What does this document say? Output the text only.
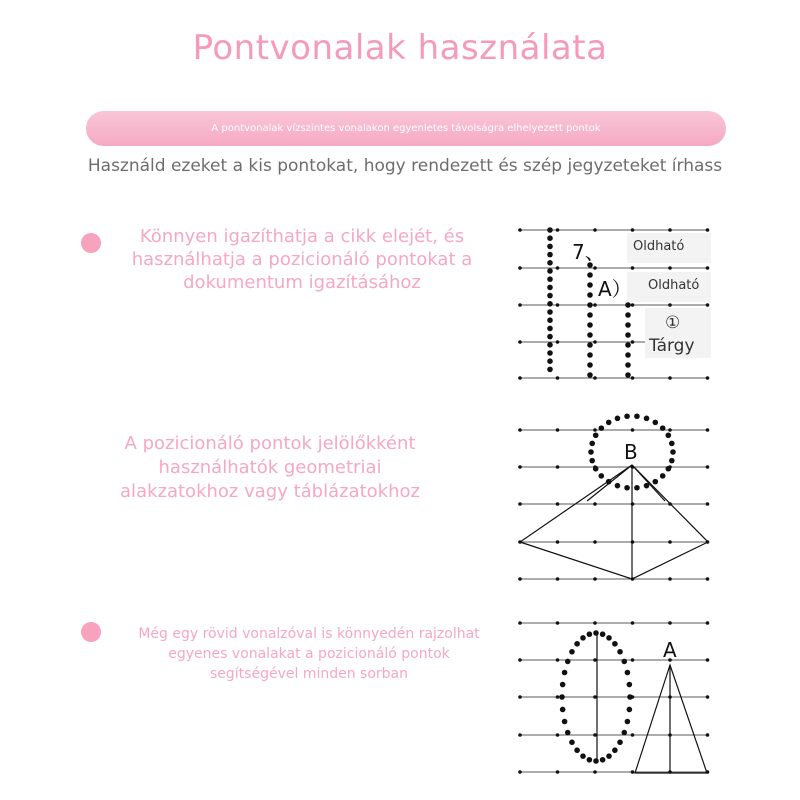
Pontvonalak használata
A pontvonalak vízszintes vonalakon egyenletes távolságra elhelyezett pontok
Használd ezeket a kis pontokat, hogy rendezett és szép jegyzeteket írhass
Könnyen igazíthatja a cikk elejét, és
használhatja a pozicionáló pontokat a
dokumentum igazításához
7、
A）
Oldható
Oldható
①
Tárgy
A pozicionáló pontok jelölőkként
használhatók geometriai
alakzatokhoz vagy táblázatokhoz
B
Még egy rövid vonalzóval is könnyedén rajzolhat
egyenes vonalakat a pozicionáló pontok
segítségével minden sorban
A
